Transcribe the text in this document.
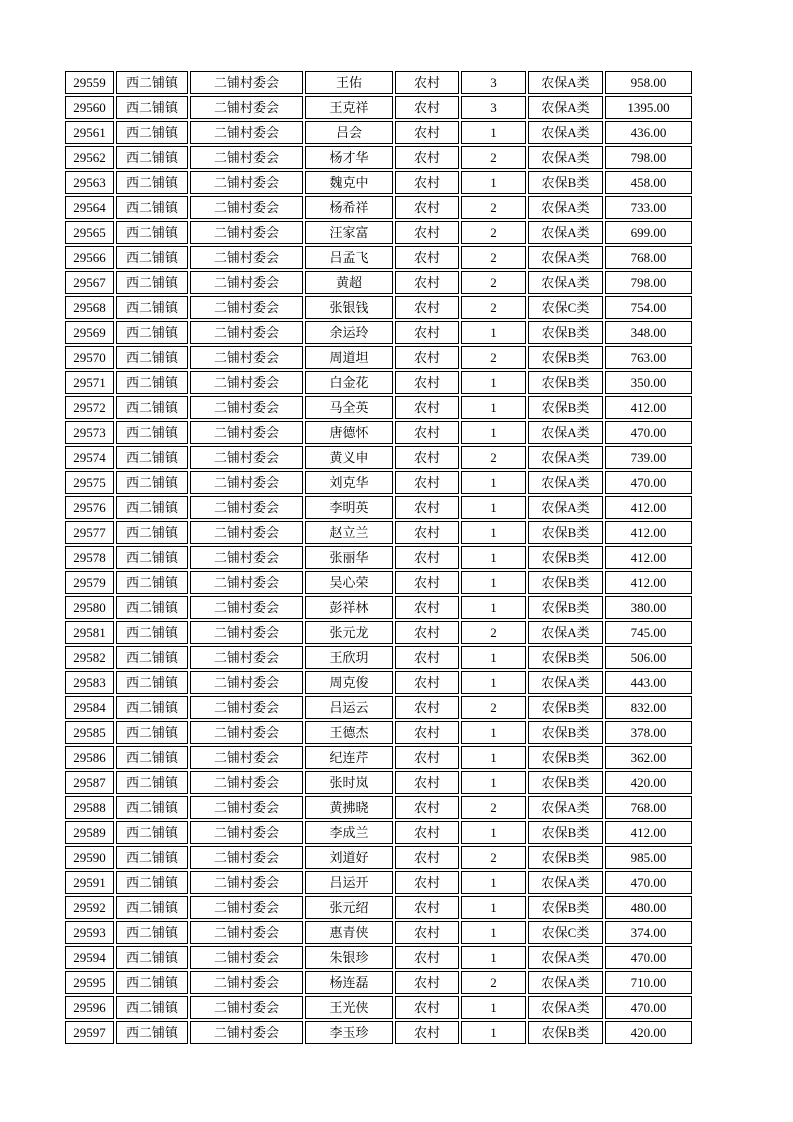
29559	西二铺镇	二铺村委会	王佑	农村	3	农保A类	958.00
29560	西二铺镇	二铺村委会	王克祥	农村	3	农保A类	1395.00
29561	西二铺镇	二铺村委会	吕会	农村	1	农保A类	436.00
29562	西二铺镇	二铺村委会	杨才华	农村	2	农保A类	798.00
29563	西二铺镇	二铺村委会	魏克中	农村	1	农保B类	458.00
29564	西二铺镇	二铺村委会	杨希祥	农村	2	农保A类	733.00
29565	西二铺镇	二铺村委会	汪家富	农村	2	农保A类	699.00
29566	西二铺镇	二铺村委会	吕孟飞	农村	2	农保A类	768.00
29567	西二铺镇	二铺村委会	黄超	农村	2	农保A类	798.00
29568	西二铺镇	二铺村委会	张银钱	农村	2	农保C类	754.00
29569	西二铺镇	二铺村委会	余运玲	农村	1	农保B类	348.00
29570	西二铺镇	二铺村委会	周道坦	农村	2	农保B类	763.00
29571	西二铺镇	二铺村委会	白金花	农村	1	农保B类	350.00
29572	西二铺镇	二铺村委会	马全英	农村	1	农保B类	412.00
29573	西二铺镇	二铺村委会	唐德怀	农村	1	农保A类	470.00
29574	西二铺镇	二铺村委会	黄义申	农村	2	农保A类	739.00
29575	西二铺镇	二铺村委会	刘克华	农村	1	农保A类	470.00
29576	西二铺镇	二铺村委会	李明英	农村	1	农保A类	412.00
29577	西二铺镇	二铺村委会	赵立兰	农村	1	农保B类	412.00
29578	西二铺镇	二铺村委会	张丽华	农村	1	农保B类	412.00
29579	西二铺镇	二铺村委会	吴心荣	农村	1	农保B类	412.00
29580	西二铺镇	二铺村委会	彭祥林	农村	1	农保B类	380.00
29581	西二铺镇	二铺村委会	张元龙	农村	2	农保A类	745.00
29582	西二铺镇	二铺村委会	王欣玥	农村	1	农保B类	506.00
29583	西二铺镇	二铺村委会	周克俊	农村	1	农保A类	443.00
29584	西二铺镇	二铺村委会	吕运云	农村	2	农保B类	832.00
29585	西二铺镇	二铺村委会	王德杰	农村	1	农保B类	378.00
29586	西二铺镇	二铺村委会	纪连芹	农村	1	农保B类	362.00
29587	西二铺镇	二铺村委会	张时岚	农村	1	农保B类	420.00
29588	西二铺镇	二铺村委会	黄拂晓	农村	2	农保A类	768.00
29589	西二铺镇	二铺村委会	李成兰	农村	1	农保B类	412.00
29590	西二铺镇	二铺村委会	刘道好	农村	2	农保B类	985.00
29591	西二铺镇	二铺村委会	吕运开	农村	1	农保A类	470.00
29592	西二铺镇	二铺村委会	张元绍	农村	1	农保B类	480.00
29593	西二铺镇	二铺村委会	惠青侠	农村	1	农保C类	374.00
29594	西二铺镇	二铺村委会	朱银珍	农村	1	农保A类	470.00
29595	西二铺镇	二铺村委会	杨连磊	农村	2	农保A类	710.00
29596	西二铺镇	二铺村委会	王光侠	农村	1	农保A类	470.00
29597	西二铺镇	二铺村委会	李玉珍	农村	1	农保B类	420.00
